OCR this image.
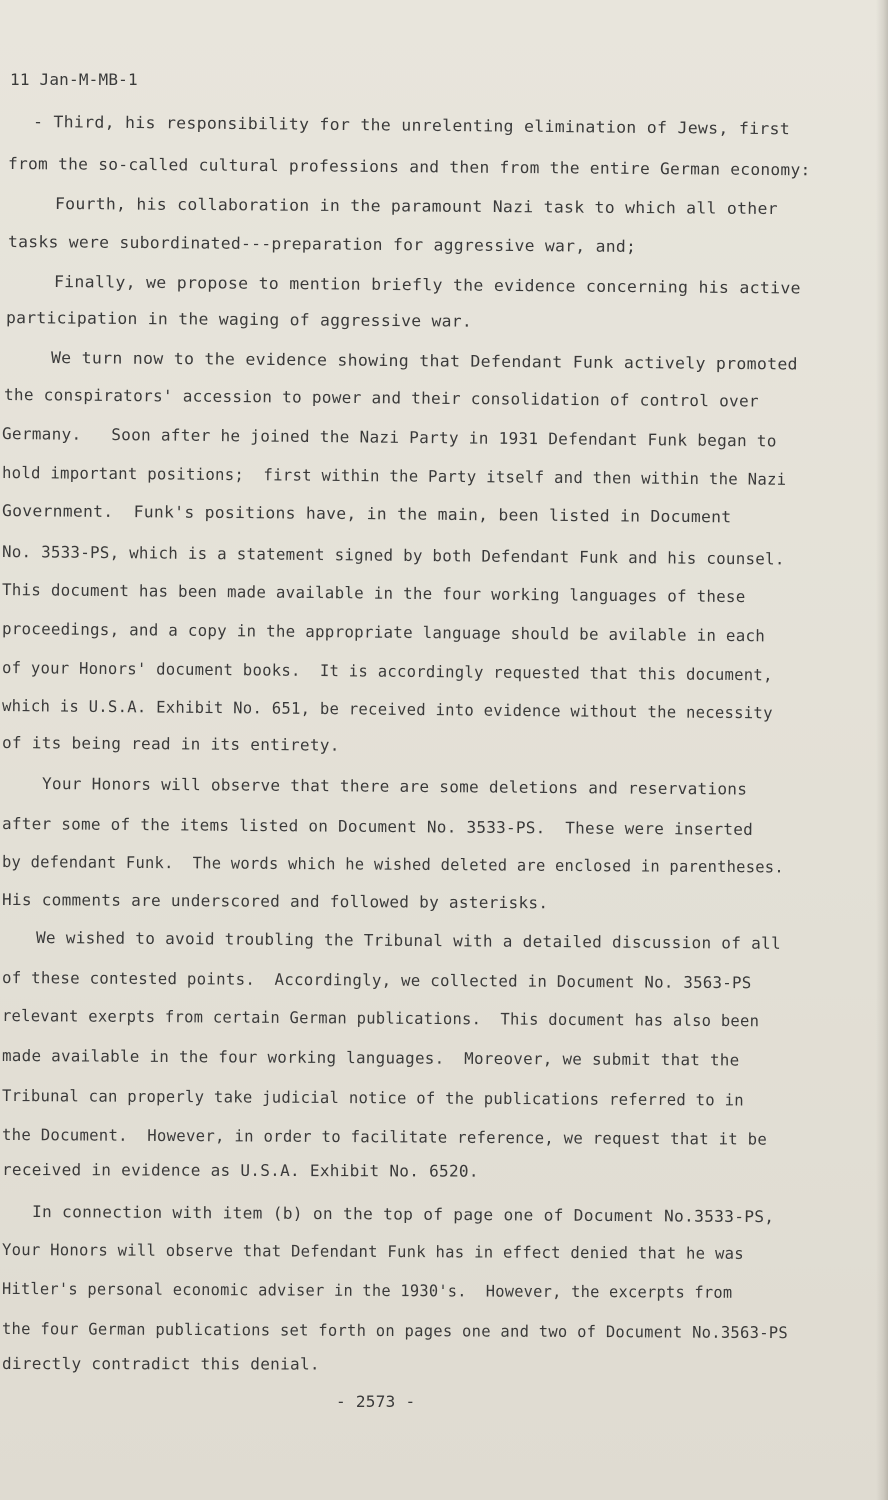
11 Jan-M-MB-1
- Third, his responsibility for the unrelenting elimination of Jews, first
from the so-called cultural professions and then from the entire German economy:
Fourth, his collaboration in the paramount Nazi task to which all other
tasks were subordinated---preparation for aggressive war, and;
Finally, we propose to mention briefly the evidence concerning his active
participation in the waging of aggressive war.
We turn now to the evidence showing that Defendant Funk actively promoted
the conspirators' accession to power and their consolidation of control over
Germany.   Soon after he joined the Nazi Party in 1931 Defendant Funk began to
hold important positions;  first within the Party itself and then within the Nazi
Government.  Funk's positions have, in the main, been listed in Document
No. 3533-PS, which is a statement signed by both Defendant Funk and his counsel.
This document has been made available in the four working languages of these
proceedings, and a copy in the appropriate language should be avilable in each
of your Honors' document books.  It is accordingly requested that this document,
which is U.S.A. Exhibit No. 651, be received into evidence without the necessity
of its being read in its entirety.
Your Honors will observe that there are some deletions and reservations
after some of the items listed on Document No. 3533-PS.  These were inserted
by defendant Funk.  The words which he wished deleted are enclosed in parentheses.
His comments are underscored and followed by asterisks.
We wished to avoid troubling the Tribunal with a detailed discussion of all
of these contested points.  Accordingly, we collected in Document No. 3563-PS
relevant exerpts from certain German publications.  This document has also been
made available in the four working languages.  Moreover, we submit that the
Tribunal can properly take judicial notice of the publications referred to in
the Document.  However, in order to facilitate reference, we request that it be
received in evidence as U.S.A. Exhibit No. 6520.
In connection with item (b) on the top of page one of Document No.3533-PS,
Your Honors will observe that Defendant Funk has in effect denied that he was
Hitler's personal economic adviser in the 1930's.  However, the excerpts from
the four German publications set forth on pages one and two of Document No.3563-PS
directly contradict this denial.
- 2573 -
